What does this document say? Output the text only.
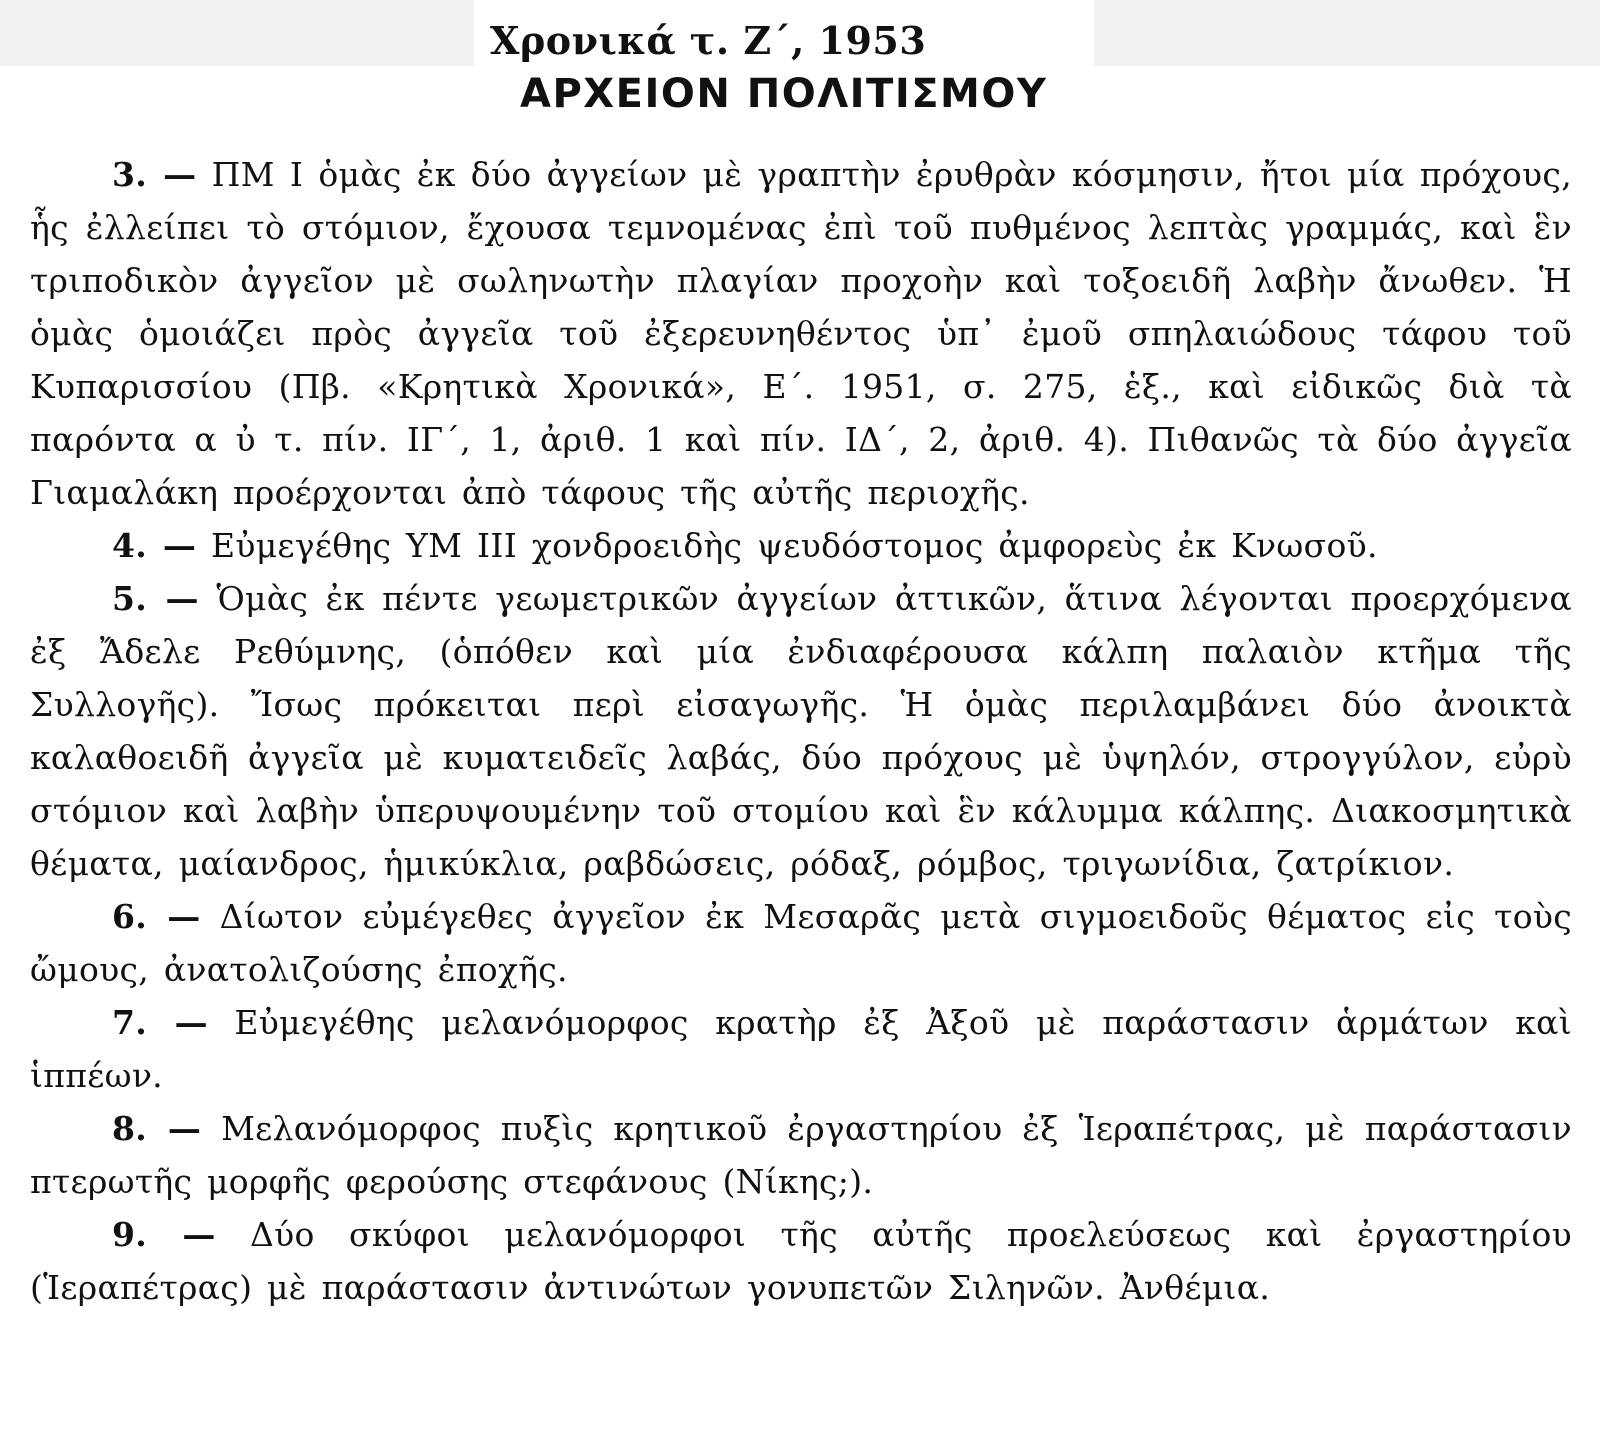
Χρονικά τ. Ζ΄, 1953
ΑΡΧΕΙΟΝ ΠΟΛΙΤΙΣΜΟΥ

3. — ΠΜ Ι ὁμὰς ἐκ δύο ἀγγείων μὲ γραπτὴν ἐρυθρὰν κόσμησιν, ἤτοι μία πρόχους, ἧς ἐλλείπει τὸ στόμιον, ἔχουσα τεμνομένας ἐπὶ τοῦ πυθμένος λεπτὰς γραμμάς, καὶ ἓν τριποδικὸν ἀγγεῖον μὲ σωληνωτὴν πλαγίαν προχοὴν καὶ τοξοειδῆ λαβὴν ἄνωθεν. Ἡ ὁμὰς ὁμοιάζει πρὸς ἀγγεῖα τοῦ ἐξερευνηθέντος ὑπ᾿ ἐμοῦ σπηλαιώδους τάφου τοῦ Κυπαρισσίου (Πβ. «Κρητικὰ Χρονικά», Ε΄. 1951, σ. 275, ἑξ., καὶ εἰδικῶς διὰ τὰ παρόντα α ὐ τ. πίν. ΙΓ΄, 1, ἀριθ. 1 καὶ πίν. ΙΔ΄, 2, ἀριθ. 4). Πιθανῶς τὰ δύο ἀγγεῖα Γιαμαλάκη προέρχονται ἀπὸ τάφους τῆς αὐτῆς περιοχῆς.

4. — Εὐμεγέθης ΥΜ ΙΙΙ χονδροειδὴς ψευδόστομος ἀμφορεὺς ἐκ Κνωσοῦ.

5. — Ὁμὰς ἐκ πέντε γεωμετρικῶν ἀγγείων ἀττικῶν, ἅτινα λέγονται προερχόμενα ἐξ Ἄδελε Ρεθύμνης, (ὁπόθεν καὶ μία ἐνδιαφέρουσα κάλπη παλαιὸν κτῆμα τῆς Συλλογῆς). Ἴσως πρόκειται περὶ εἰσαγωγῆς. Ἡ ὁμὰς περιλαμβάνει δύο ἀνοικτὰ καλαθοειδῆ ἀγγεῖα μὲ κυματειδεῖς λαβάς, δύο πρόχους μὲ ὑψηλόν, στρογγύλον, εὐρὺ στόμιον καὶ λαβὴν ὑπερυψουμένην τοῦ στομίου καὶ ἓν κάλυμμα κάλπης. Διακοσμητικὰ θέματα, μαίανδρος, ἡμικύκλια, ραβδώσεις, ρόδαξ, ρόμβος, τριγωνίδια, ζατρίκιον.

6. — Δίωτον εὐμέγεθες ἀγγεῖον ἐκ Μεσαρᾶς μετὰ σιγμοειδοῦς θέματος εἰς τοὺς ὤμους, ἀνατολιζούσης ἐποχῆς.

7. — Εὐμεγέθης μελανόμορφος κρατὴρ ἐξ Ἀξοῦ μὲ παράστασιν ἁρμάτων καὶ ἱππέων.

8. — Μελανόμορφος πυξὶς κρητικοῦ ἐργαστηρίου ἐξ Ἱεραπέτρας, μὲ παράστασιν πτερωτῆς μορφῆς φερούσης στεφάνους (Νίκης;).

9. — Δύο σκύφοι μελανόμορφοι τῆς αὐτῆς προελεύσεως καὶ ἐργαστηρίου (Ἱεραπέτρας) μὲ παράστασιν ἀντινώτων γονυπετῶν Σιληνῶν. Ἀνθέμια.
